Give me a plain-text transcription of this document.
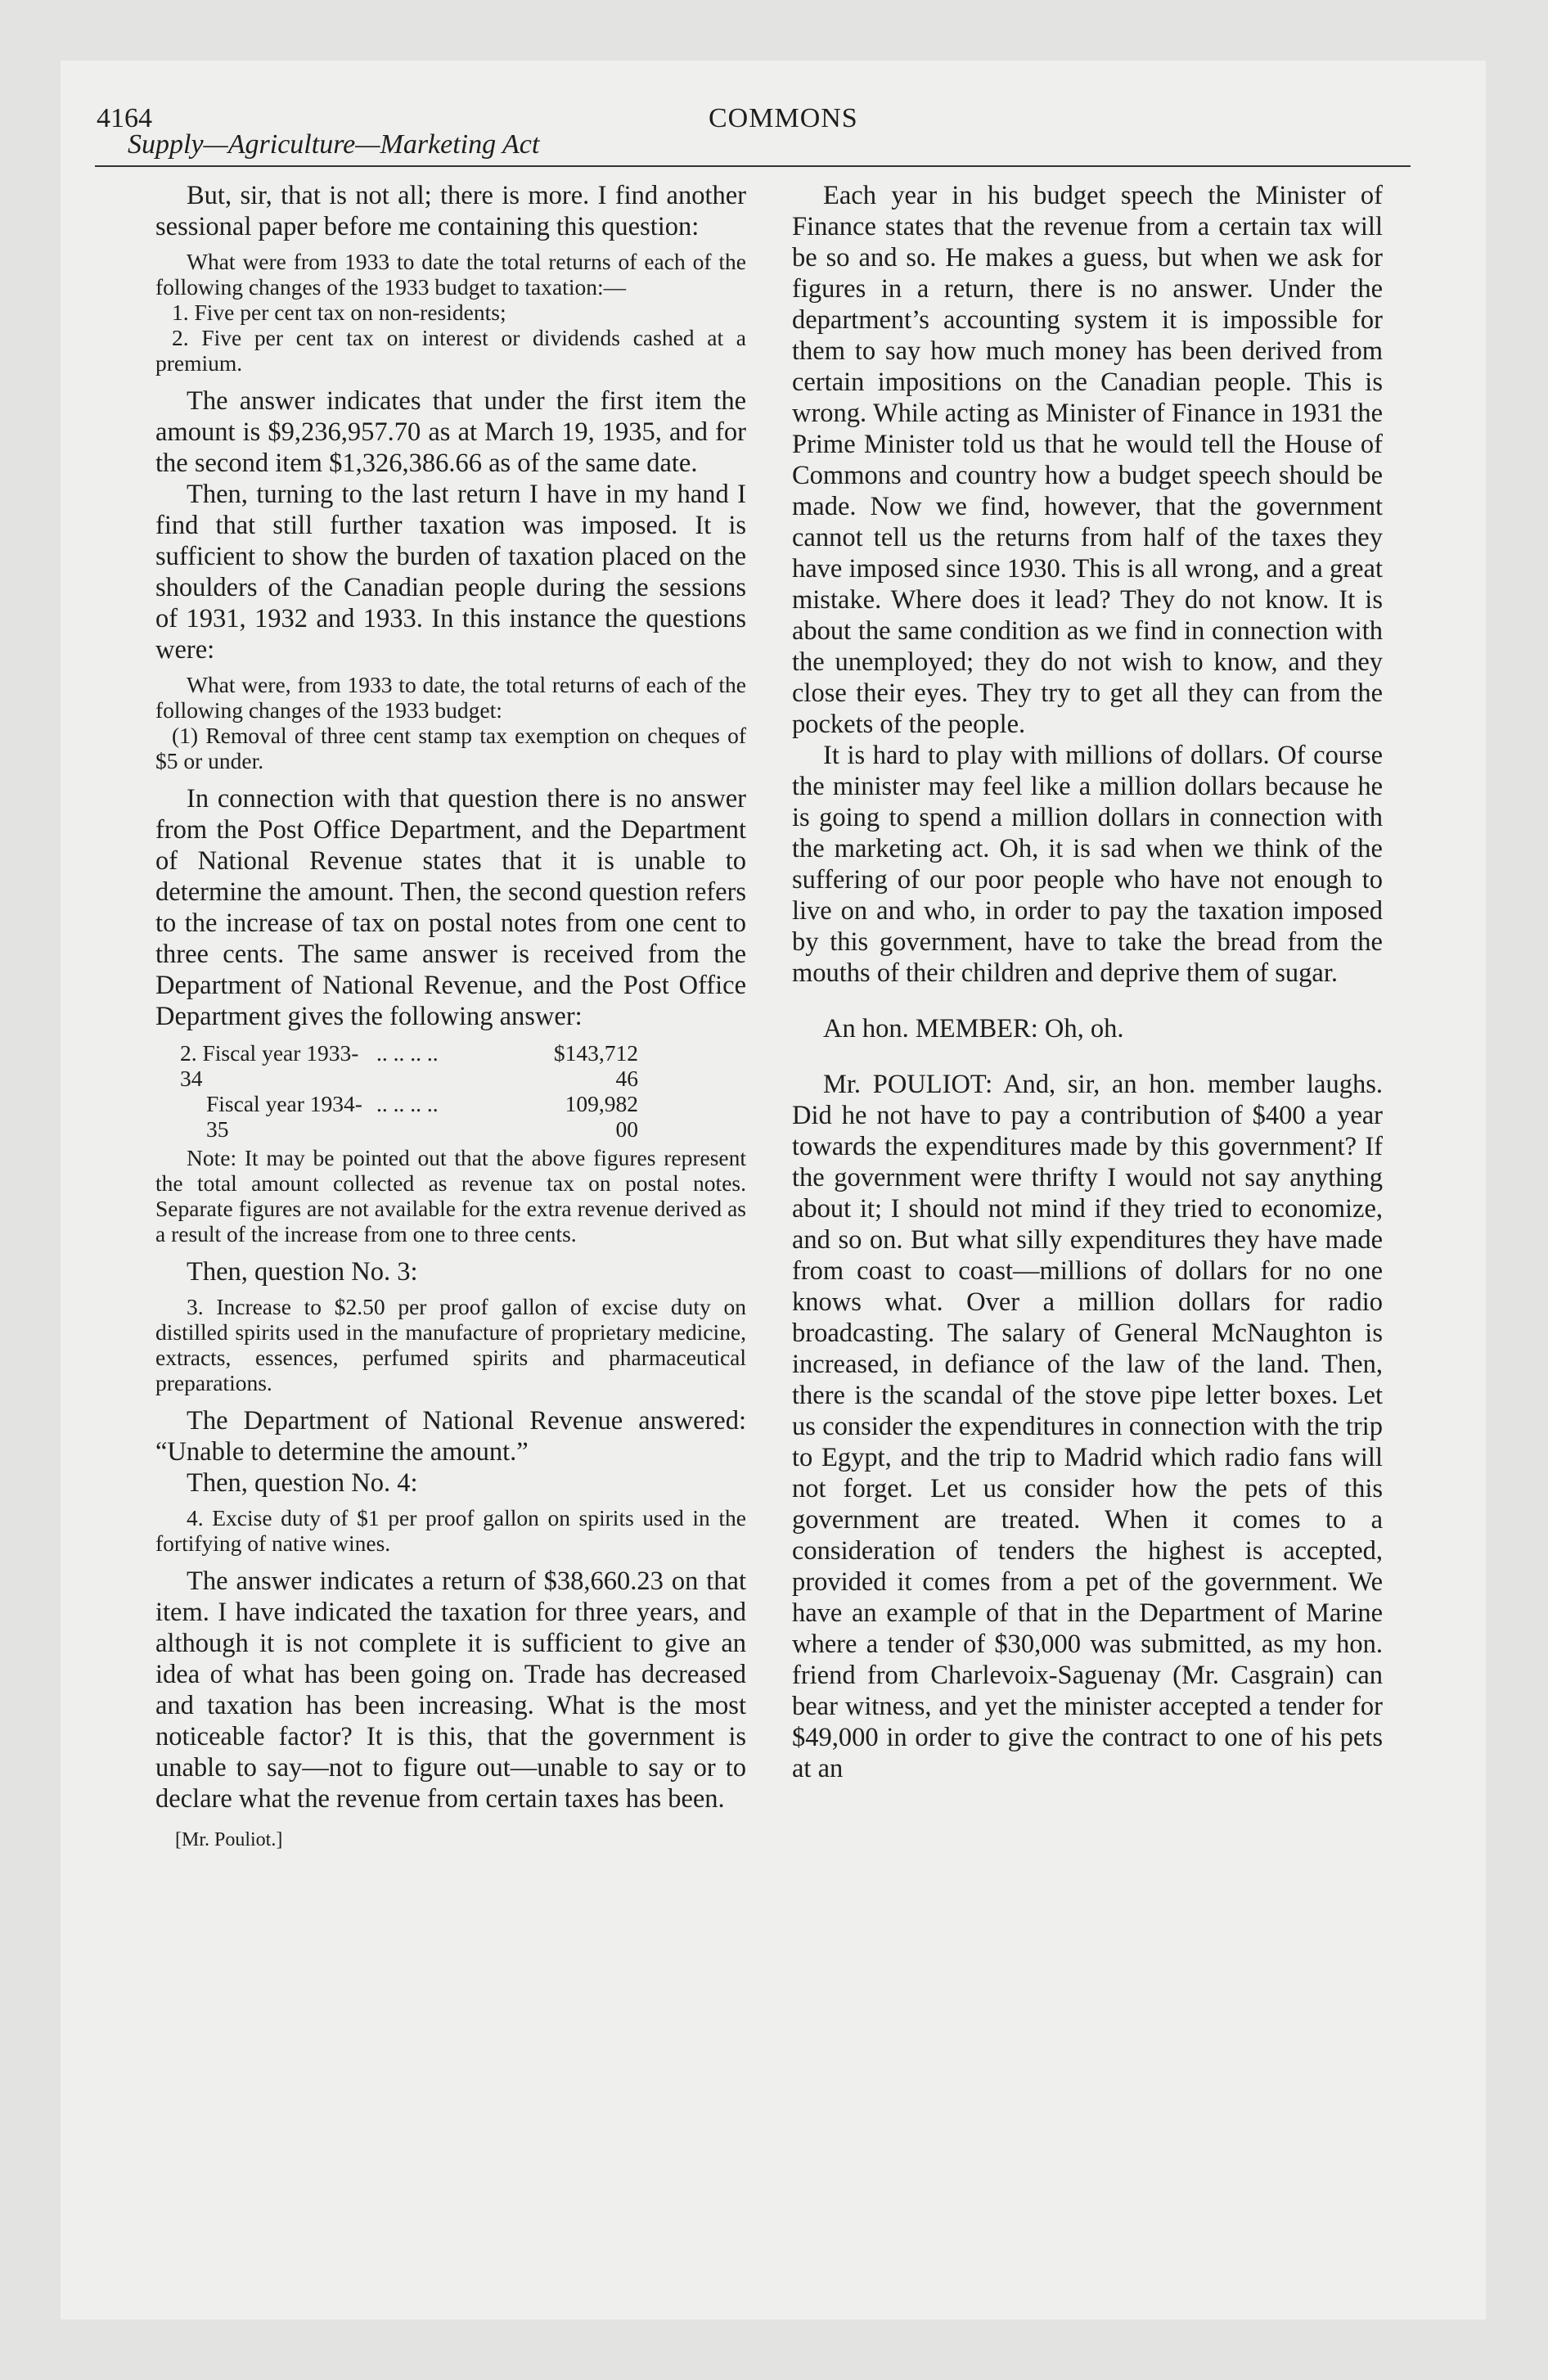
4164	COMMONS
Supply—Agriculture—Marketing Act

But, sir, that is not all; there is more. I find another sessional paper before me containing this question:

What were from 1933 to date the total returns of each of the following changes of the 1933 budget to taxation:—

1. Five per cent tax on non-residents;

2. Five per cent tax on interest or dividends cashed at a premium.

The answer indicates that under the first item the amount is $9,236,957.70 as at March 19, 1935, and for the second item $1,326,386.66 as of the same date.

Then, turning to the last return I have in my hand I find that still further taxation was imposed. It is sufficient to show the burden of taxation placed on the shoulders of the Canadian people during the sessions of 1931, 1932 and 1933. In this instance the questions were:

What were, from 1933 to date, the total returns of each of the following changes of the 1933 budget:

(1) Removal of three cent stamp tax exemption on cheques of $5 or under.

In connection with that question there is no answer from the Post Office Department, and the Department of National Revenue states that it is unable to determine the amount. Then, the second question refers to the increase of tax on postal notes from one cent to three cents. The same answer is received from the Department of National Revenue, and the Post Office Department gives the following answer:

2. Fiscal year 1933-34
.. .. .. ..	$143,712 46
Fiscal year 1934-35
.. .. .. ..	109,982 00

Note: It may be pointed out that the above figures represent the total amount collected as revenue tax on postal notes. Separate figures are not available for the extra revenue derived as a result of the increase from one to three cents.

Then, question No. 3:

3. Increase to $2.50 per proof gallon of excise duty on distilled spirits used in the manufacture of proprietary medicine, extracts, essences, perfumed spirits and pharmaceutical preparations.

The Department of National Revenue answered: “Unable to determine the amount.”

Then, question No. 4:

4. Excise duty of $1 per proof gallon on spirits used in the fortifying of native wines.

The answer indicates a return of $38,660.23 on that item. I have indicated the taxation for three years, and although it is not complete it is sufficient to give an idea of what has been going on. Trade has decreased and taxation has been increasing. What is the most noticeable factor? It is this, that the government is unable to say—not to figure out—unable to say or to declare what the revenue from certain taxes has been.

[Mr. Pouliot.]

Each year in his budget speech the Minister of Finance states that the revenue from a certain tax will be so and so. He makes a guess, but when we ask for figures in a return, there is no answer. Under the department’s accounting system it is impossible for them to say how much money has been derived from certain impositions on the Canadian people. This is wrong. While acting as Minister of Finance in 1931 the Prime Minister told us that he would tell the House of Commons and country how a budget speech should be made. Now we find, however, that the government cannot tell us the returns from half of the taxes they have imposed since 1930. This is all wrong, and a great mistake. Where does it lead? They do not know. It is about the same condition as we find in connection with the unemployed; they do not wish to know, and they close their eyes. They try to get all they can from the pockets of the people.

It is hard to play with millions of dollars. Of course the minister may feel like a million dollars because he is going to spend a million dollars in connection with the marketing act. Oh, it is sad when we think of the suffering of our poor people who have not enough to live on and who, in order to pay the taxation imposed by this government, have to take the bread from the mouths of their children and deprive them of sugar.

An hon. MEMBER: Oh, oh.

Mr. POULIOT: And, sir, an hon. member laughs. Did he not have to pay a contribution of $400 a year towards the expenditures made by this government? If the government were thrifty I would not say anything about it; I should not mind if they tried to economize, and so on. But what silly expenditures they have made from coast to coast—millions of dollars for no one knows what. Over a million dollars for radio broadcasting. The salary of General McNaughton is increased, in defiance of the law of the land. Then, there is the scandal of the stove pipe letter boxes. Let us consider the expenditures in connection with the trip to Egypt, and the trip to Madrid which radio fans will not forget. Let us consider how the pets of this government are treated. When it comes to a consideration of tenders the highest is accepted, provided it comes from a pet of the government. We have an example of that in the Department of Marine where a tender of $30,000 was submitted, as my hon. friend from Charlevoix-Saguenay (Mr. Casgrain) can bear witness, and yet the minister accepted a tender for $49,000 in order to give the contract to one of his pets at an
